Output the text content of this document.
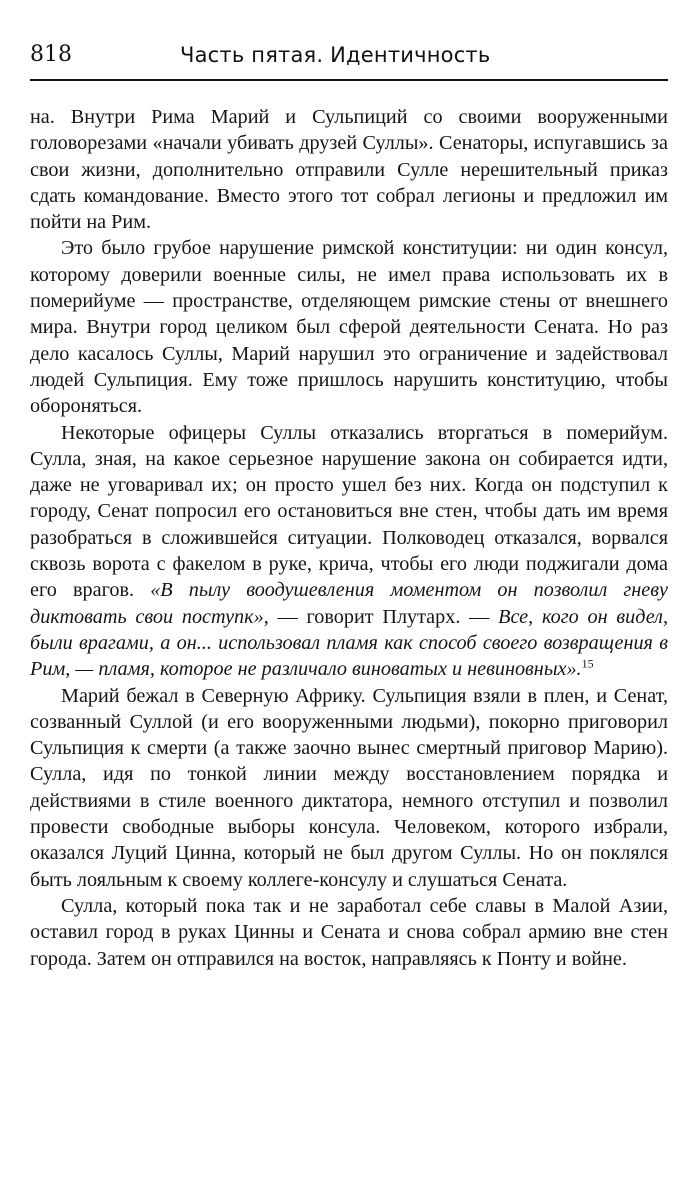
818	Часть пятая. Идентичность

на. Внутри Рима Марий и Сульпиций со своими вооруженными головорезами «начали убивать друзей Суллы». Сенаторы, испугавшись за свои жизни, дополнительно отправили Сулле нерешительный приказ сдать командование. Вместо этого тот собрал легионы и предложил им пойти на Рим.

Это было грубое нарушение римской конституции: ни один консул, которому доверили военные силы, не имел права использовать их в померийуме — пространстве, отделяющем римские стены от внешнего мира. Внутри город целиком был сферой деятельности Сената. Но раз дело касалось Суллы, Марий нарушил это ограничение и задействовал людей Сульпиция. Ему тоже пришлось нарушить конституцию, чтобы обороняться.

Некоторые офицеры Суллы отказались вторгаться в померийум. Сулла, зная, на какое серьезное нарушение закона он собирается идти, даже не уговаривал их; он просто ушел без них. Когда он подступил к городу, Сенат попросил его остановиться вне стен, чтобы дать им время разобраться в сложившейся ситуации. Полководец отказался, ворвался сквозь ворота с факелом в руке, крича, чтобы его люди поджигали дома его врагов. «В пылу воодушевления моментом он позволил гневу диктовать свои поступк», — говорит Плутарх. — Все, кого он видел, были врагами, а он... использовал пламя как способ своего возвращения в Рим, — пламя, которое не различало виноватых и невиновных».$^{15}$

Марий бежал в Северную Африку. Сульпиция взяли в плен, и Сенат, созванный Суллой (и его вооруженными людьми), покорно приговорил Сульпиция к смерти (а также заочно вынес смертный приговор Марию). Сулла, идя по тонкой линии между восстановлением порядка и действиями в стиле военного диктатора, немного отступил и позволил провести свободные выборы консула. Человеком, которого избрали, оказался Луций Цинна, который не был другом Суллы. Но он поклялся быть лояльным к своему коллеге-консулу и слушаться Сената.

Сулла, который пока так и не заработал себе славы в Малой Азии, оставил город в руках Цинны и Сената и снова собрал армию вне стен города. Затем он отправился на восток, направляясь к Понту и войне.
